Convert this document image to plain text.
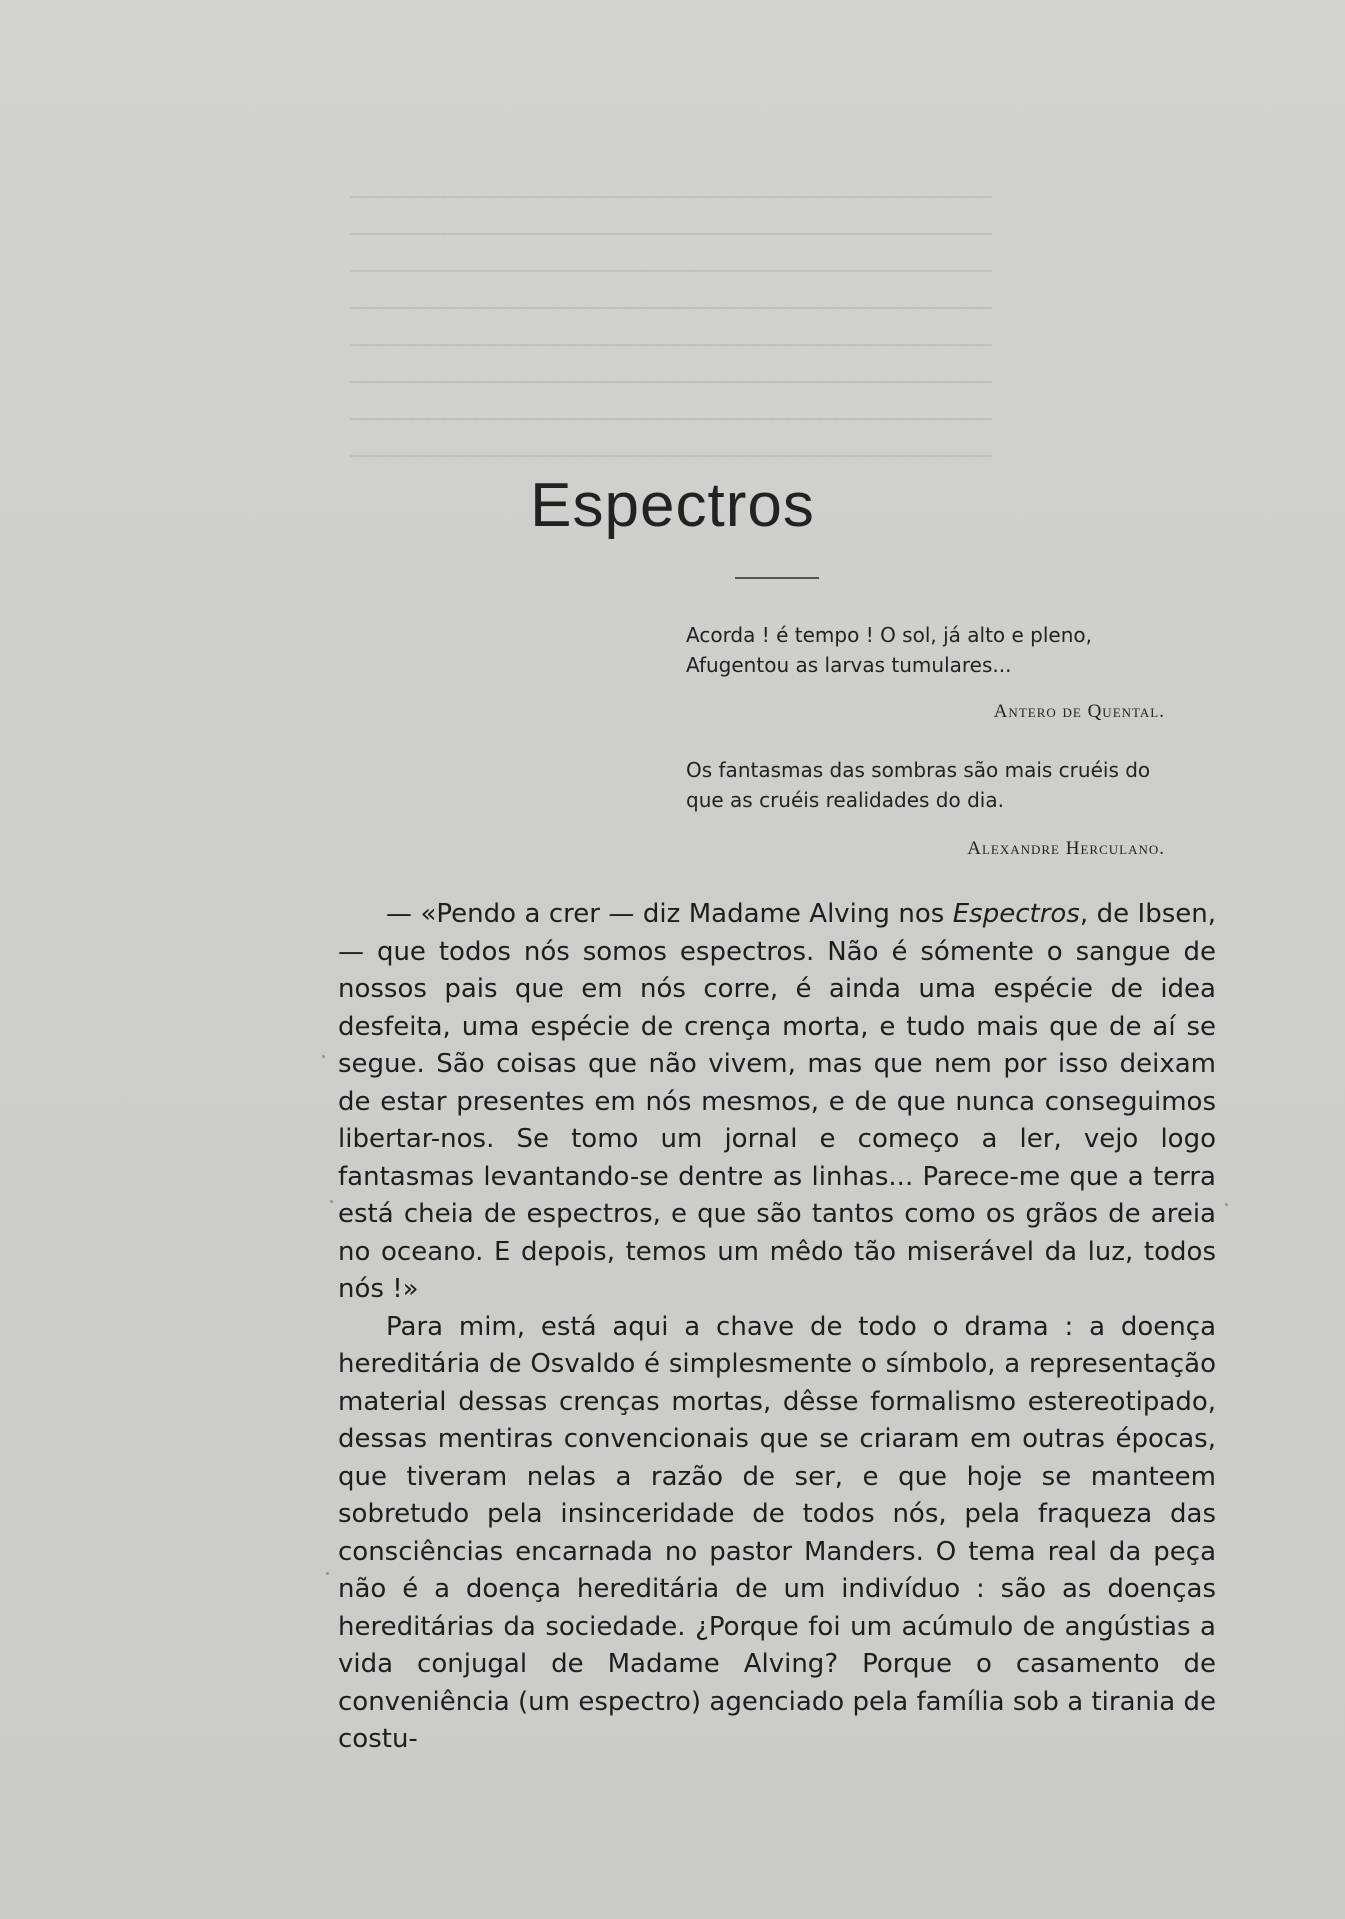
─────────────────────────────────────────
─────────────────────────────────────────
─────────────────────────────────────────
─────────────────────────────────────────
─────────────────────────────────────────
─────────────────────────────────────────
─────────────────────────────────────────
─────────────────────────────────────────

Espectros
Acorda ! é tempo ! O sol, já alto e pleno,
Afugentou as larvas tumulares...
Antero de Quental.
Os fantasmas das sombras são mais cruéis do
que as cruéis realidades do dia.
Alexandre Herculano.

— «Pendo a crer — diz Madame Alving nos Espectros, de Ibsen, — que todos nós somos espectros. Não é sómente o sangue de nossos pais que em nós corre, é ainda uma espécie de idea desfeita, uma espécie de crença morta, e tudo mais que de aí se segue. São coisas que não vivem, mas que nem por isso deixam de estar presentes em nós mesmos, e de que nunca conseguimos libertar-nos. Se tomo um jornal e começo a ler, vejo logo fantasmas levantando-se dentre as linhas... Parece-me que a terra está cheia de espectros, e que são tantos como os grãos de areia no oceano. E depois, temos um mêdo tão miserável da luz, todos nós !»

Para mim, está aqui a chave de todo o drama : a doença hereditária de Osvaldo é simplesmente o símbolo, a representação material dessas crenças mortas, dêsse formalismo estereotipado, dessas mentiras convencionais que se criaram em outras épocas, que tiveram nelas a razão de ser, e que hoje se manteem sobretudo pela insinceridade de todos nós, pela fraqueza das consciências encarnada no pastor Manders. O tema real da peça não é a doença hereditária de um indivíduo : são as doenças hereditárias da sociedade. ¿Porque foi um acúmulo de angústias a vida conjugal de Madame Alving? Porque o casamento de conveniência (um espectro) agenciado pela família sob a tirania de costu-
